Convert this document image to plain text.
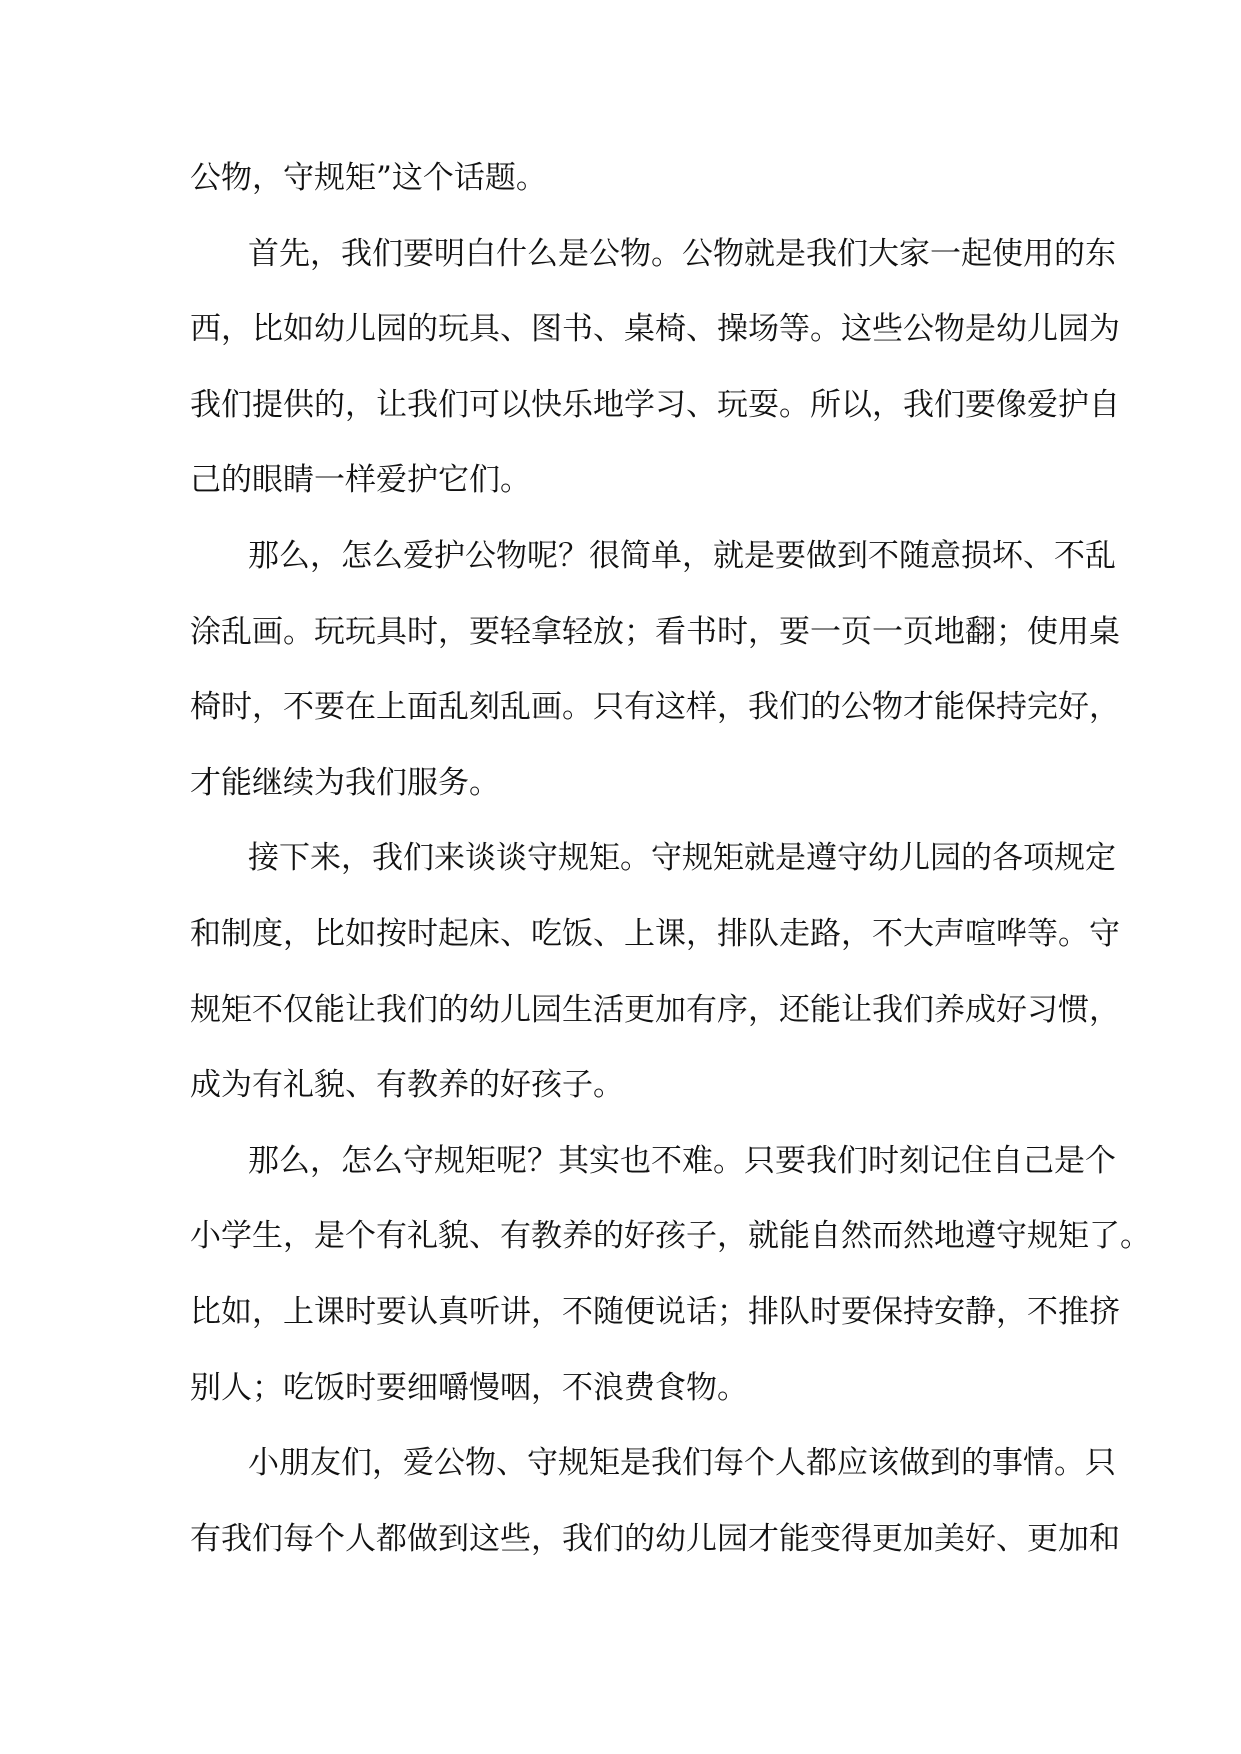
公物，守规矩”这个话题。
首先，我们要明白什么是公物。公物就是我们大家一起使用的东
西，比如幼儿园的玩具、图书、桌椅、操场等。这些公物是幼儿园为
我们提供的，让我们可以快乐地学习、玩耍。所以，我们要像爱护自
己的眼睛一样爱护它们。
那么，怎么爱护公物呢？很简单，就是要做到不随意损坏、不乱
涂乱画。玩玩具时，要轻拿轻放；看书时，要一页一页地翻；使用桌
椅时，不要在上面乱刻乱画。只有这样，我们的公物才能保持完好，
才能继续为我们服务。
接下来，我们来谈谈守规矩。守规矩就是遵守幼儿园的各项规定
和制度，比如按时起床、吃饭、上课，排队走路，不大声喧哗等。守
规矩不仅能让我们的幼儿园生活更加有序，还能让我们养成好习惯，
成为有礼貌、有教养的好孩子。
那么，怎么守规矩呢？其实也不难。只要我们时刻记住自己是个
小学生，是个有礼貌、有教养的好孩子，就能自然而然地遵守规矩了。
比如，上课时要认真听讲，不随便说话；排队时要保持安静，不推挤
别人；吃饭时要细嚼慢咽，不浪费食物。
小朋友们，爱公物、守规矩是我们每个人都应该做到的事情。只
有我们每个人都做到这些，我们的幼儿园才能变得更加美好、更加和
